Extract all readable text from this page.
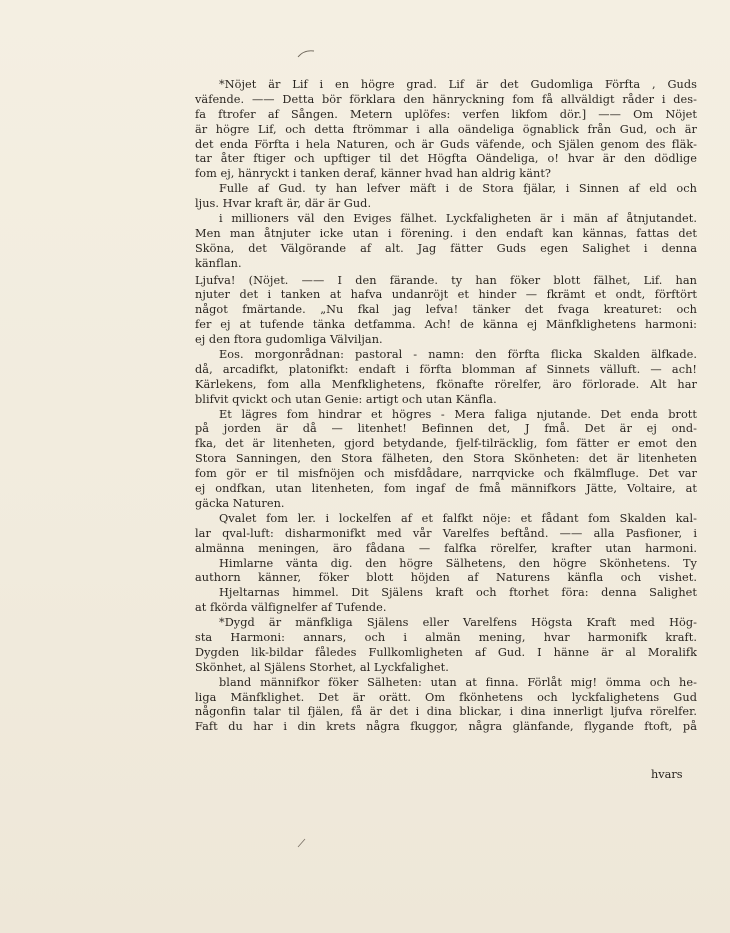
*Nöjet är Lif i en högre grad. Lif är det Gudomliga Förfta , Guds
väfende. —— Detta bör förklara den hänryckning fom få allväldigt råder i des-
fa ftrofer af Sången. Metern uplöfes: verfen likfom dör.] —— Om Nöjet
är högre Lif, och detta ftrömmar i alla oändeliga ögnablick från Gud, och är
det enda Förfta i hela Naturen, och är Guds väfende, och Själen genom des fläk-
tar åter ftiger och upftiger til det Högfta Oändeliga, o! hvar är den dödlige
fom ej, hänryckt i tanken deraf, känner hvad han aldrig känt?
Fulle af Gud. ty han lefver mäft i de Stora fjälar, i Sinnen af eld och
ljus. Hvar kraft är, där är Gud.
i millioners väl den Eviges fälhet. Lyckfaligheten är i män af åtnjutandet.
Men man åtnjuter icke utan i förening. i den endaft kan kännas, fattas det
Sköna, det Välgörande af alt. Jag fätter Guds egen Salighet i denna
känflan.
Ljufva! (Nöjet. —— I den färande. ty han föker blott fälhet, Lif. han
njuter det i tanken at hafva undanröjt et hinder — fkrämt et ondt, förftört
något fmärtande. „Nu fkal jag lefva! tänker det fvaga kreaturet: och
fer ej at tufende tänka detfamma. Ach! de känna ej Mänfklighetens harmoni:
ej den ftora gudomliga Välviljan.
Eos. morgonrådnan: pastoral - namn: den förfta flicka Skalden älfkade.
då, arcadifkt, platonifkt: endaft i förfta blomman af Sinnets välluft. — ach!
Kärlekens, fom alla Menfklighetens, fkönafte rörelfer, äro förlorade. Alt har
blifvit qvickt och utan Genie: artigt och utan Känfla.
Et lägres fom hindrar et högres - Mera faliga njutande. Det enda brott
på jorden är då — litenhet! Befinnen det, J fmå. Det är ej ond-
fka, det är litenheten, gjord betydande, fjelf-tilräcklig, fom fätter er emot den
Stora Sanningen, den Stora fälheten, den Stora Skönheten: det är litenheten
fom gör er til misfnöjen och misfdådare, narrqvicke och fkälmfluge. Det var
ej ondfkan, utan litenheten, fom ingaf de fmå männifkors Jätte, Voltaire, at
gäcka Naturen.
Qvalet fom ler. i lockelfen af et falfkt nöje: et fådant fom Skalden kal-
lar qval-luft: disharmonifkt med vår Varelfes beftånd. —— alla Pasfioner, i
almänna meningen, äro fådana — falfka rörelfer, krafter utan harmoni.
Himlarne vänta dig. den högre Sälhetens, den högre Skönhetens. Ty
authorn känner, föker blott höjden af Naturens känfla och vishet.
Hjeltarnas himmel. Dit Själens kraft och ftorhet föra: denna Salighet
at fkörda välfignelfer af Tufende.
*Dygd är mänfkliga Själens eller Varelfens Högsta Kraft med Hög-
sta Harmoni: annars, och i almän mening, hvar harmonifk kraft.
Dygden lik-bildar fåledes Fullkomligheten af Gud. I hänne är al Moralifk
Skönhet, al Själens Storhet, al Lyckfalighet.
bland männifkor föker Sälheten: utan at finna. Förlåt mig! ömma och he-
liga Mänfklighet. Det är orätt. Om fkönhetens och lyckfalighetens Gud
någonfin talar til fjälen, få är det i dina blickar, i dina innerligt ljufva rörelfer.
Faft du har i din krets några fkuggor, några glänfande, flygande ftoft, på
hvars
